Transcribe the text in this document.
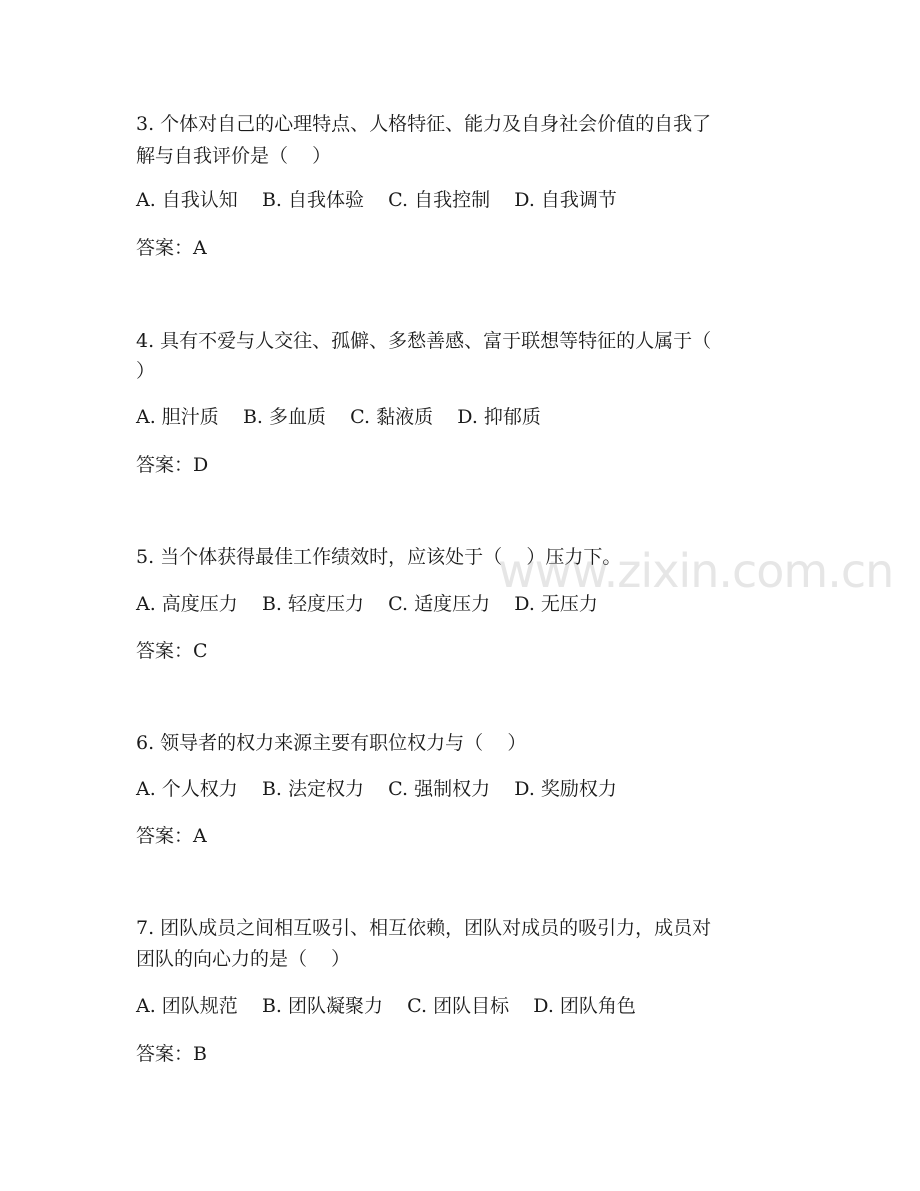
www.zixin.com.cn
3. 个体对自己的心理特点、人格特征、能力及自身社会价值的自我了
解与自我评价是（    ）
A. 自我认知    B. 自我体验    C. 自我控制    D. 自我调节
答案：A
4. 具有不爱与人交往、孤僻、多愁善感、富于联想等特征的人属于（
）
A. 胆汁质    B. 多血质    C. 黏液质    D. 抑郁质
答案：D
5. 当个体获得最佳工作绩效时，应该处于（    ）压力下。
A. 高度压力    B. 轻度压力    C. 适度压力    D. 无压力
答案：C
6. 领导者的权力来源主要有职位权力与（    ）
A. 个人权力    B. 法定权力    C. 强制权力    D. 奖励权力
答案：A
7. 团队成员之间相互吸引、相互依赖，团队对成员的吸引力，成员对
团队的向心力的是（    ）
A. 团队规范    B. 团队凝聚力    C. 团队目标    D. 团队角色
答案：B
